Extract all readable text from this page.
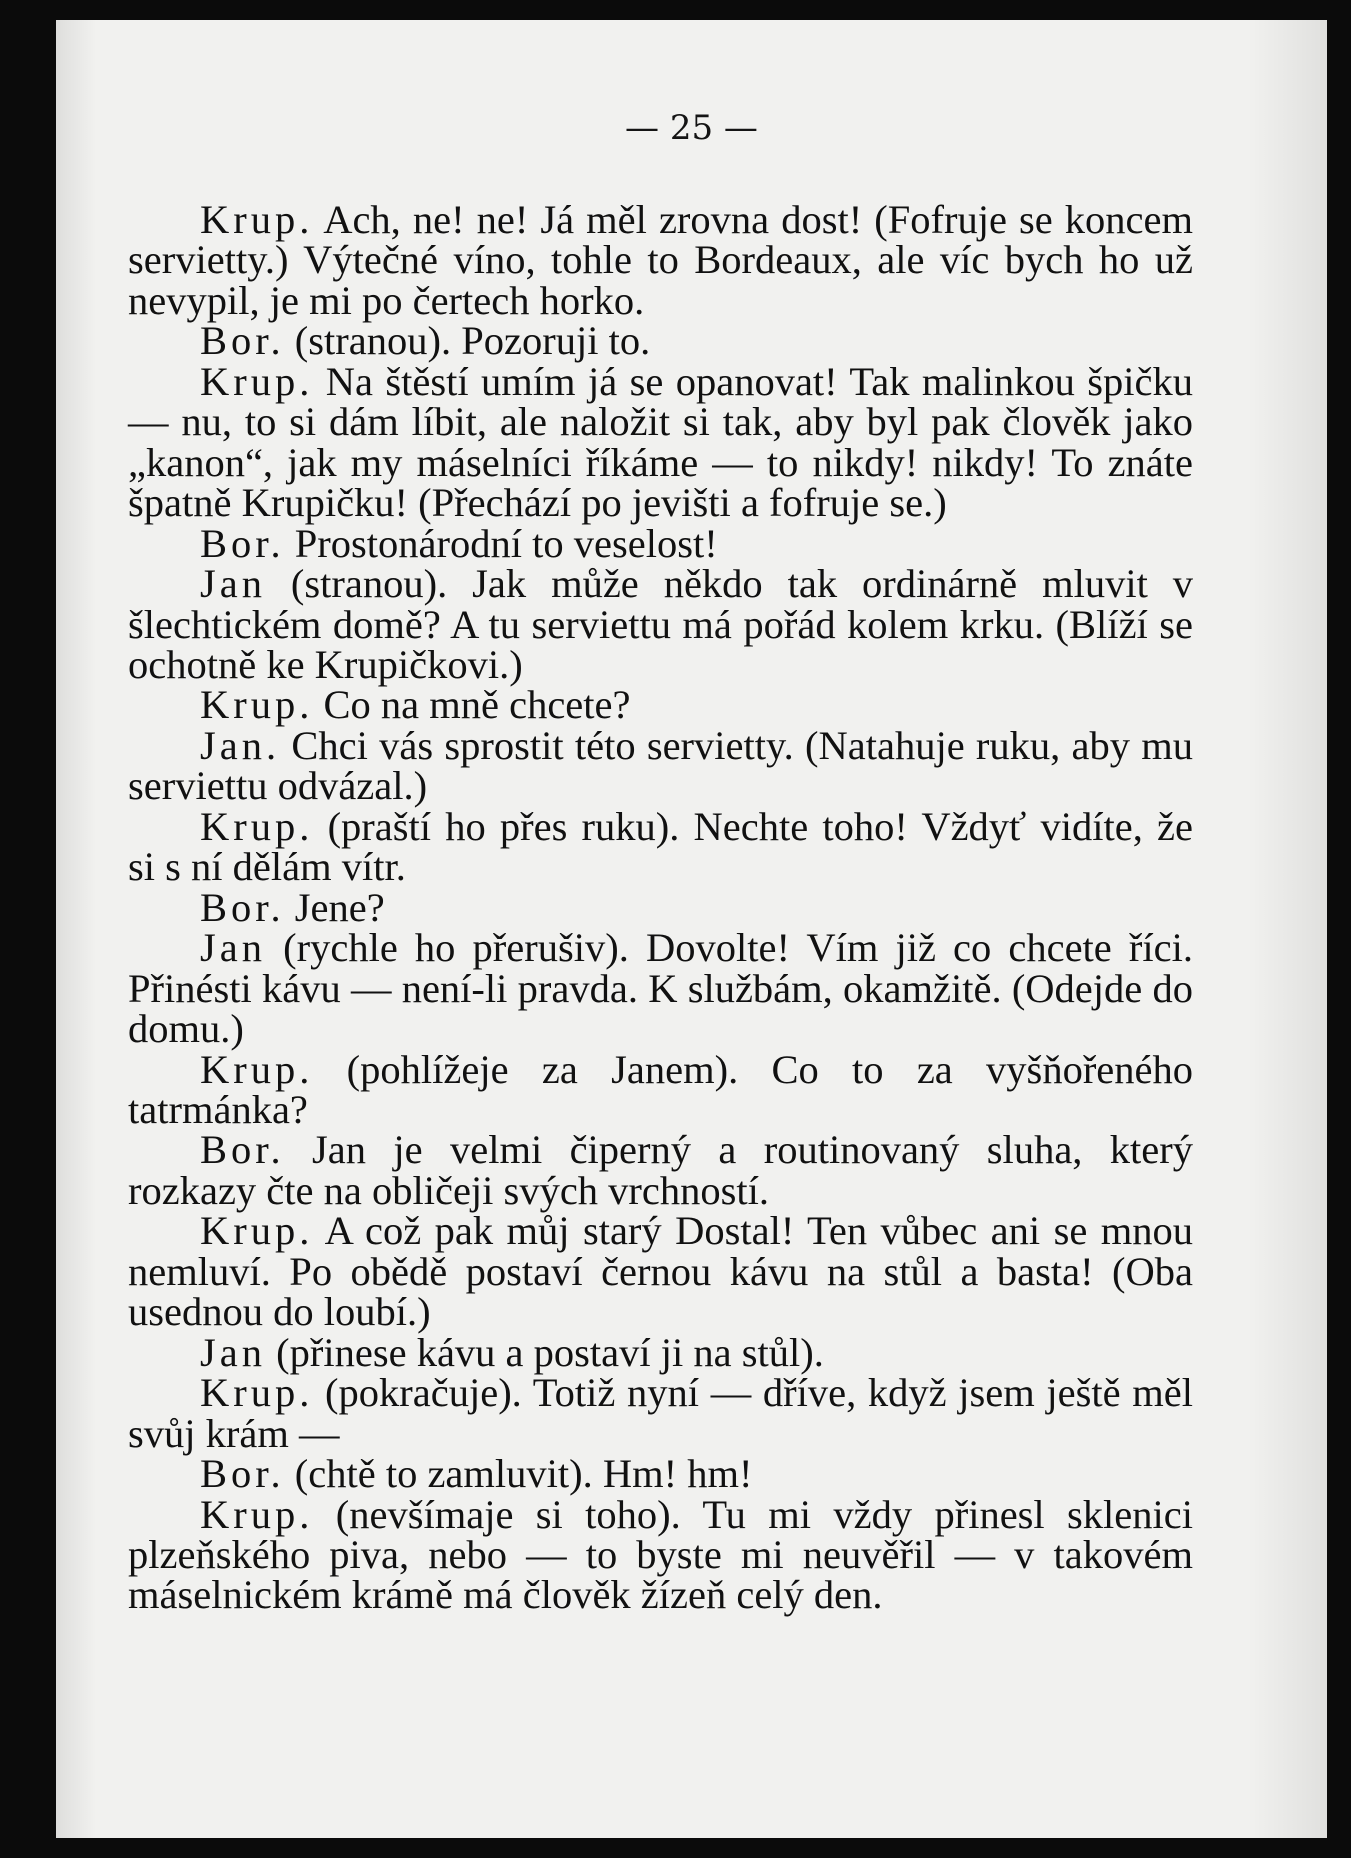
— 25 —

Krup. Ach, ne! ne! Já měl zrovna dost! (Fofruje se koncem servietty.) Výtečné víno, tohle to Bordeaux, ale víc bych ho už nevypil, je mi po čertech horko.

Bor. (stranou). Pozoruji to.

Krup. Na štěstí umím já se opanovat! Tak malinkou špičku — nu, to si dám líbit, ale naložit si tak, aby byl pak člověk jako „kanon“, jak my máselníci říkáme — to nikdy! nikdy! To znáte špatně Krupičku! (Přechází po jevišti a fofruje se.)

Bor. Prostonárodní to veselost!

Jan (stranou). Jak může někdo tak ordinárně mluvit v šlechtickém domě? A tu serviettu má pořád kolem krku. (Blíží se ochotně ke Krupičkovi.)

Krup. Co na mně chcete?

Jan. Chci vás sprostit této servietty. (Natahuje ruku, aby mu serviettu odvázal.)

Krup. (praští ho přes ruku). Nechte toho! Vždyť vidíte, že si s ní dělám vítr.

Bor. Jene?

Jan (rychle ho přerušiv). Dovolte! Vím již co chcete říci. Přinésti kávu — není-li pravda. K službám, okamžitě. (Odejde do domu.)

Krup. (pohlížeje za Janem). Co to za vyšňořeného tatrmánka?

Bor. Jan je velmi čiperný a routinovaný sluha, který rozkazy čte na obličeji svých vrchností.

Krup. A což pak můj starý Dostal! Ten vůbec ani se mnou nemluví. Po obědě postaví černou kávu na stůl a basta! (Oba usednou do loubí.)

Jan (přinese kávu a postaví ji na stůl).

Krup. (pokračuje). Totiž nyní — dříve, když jsem ještě měl svůj krám —

Bor. (chtě to zamluvit). Hm! hm!

Krup. (nevšímaje si toho). Tu mi vždy přinesl sklenici plzeňského piva, nebo — to byste mi neuvěřil — v takovém máselnickém krámě má člověk žízeň celý den.
